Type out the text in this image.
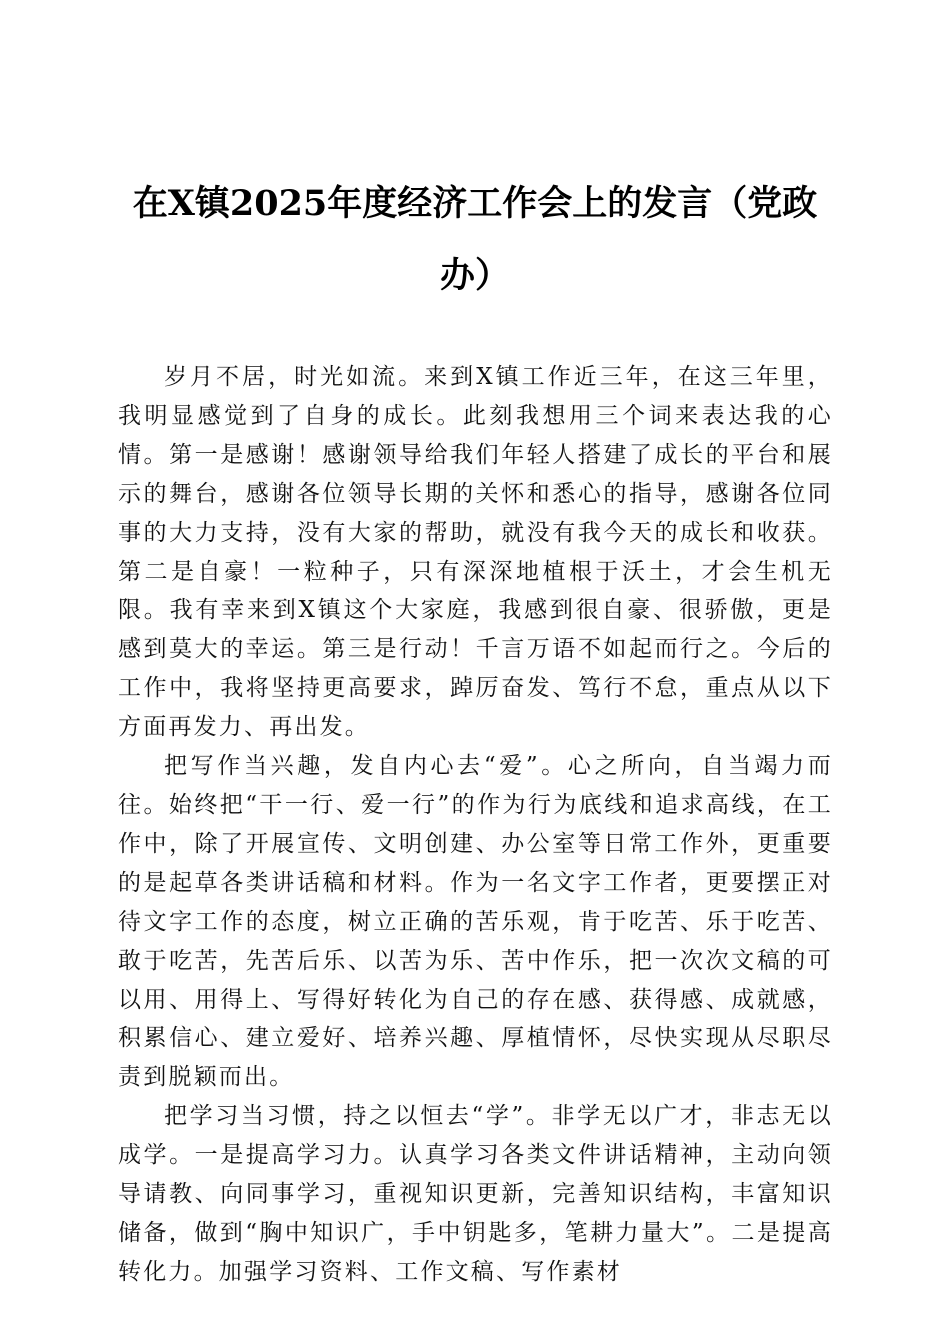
在X镇2025年度经济工作会上的发言（党政办）

岁月不居，时光如流。来到X镇工作近三年，在这三年里，我明显感觉到了自身的成长。此刻我想用三个词来表达我的心情。第一是感谢！感谢领导给我们年轻人搭建了成长的平台和展示的舞台，感谢各位领导长期的关怀和悉心的指导，感谢各位同事的大力支持，没有大家的帮助，就没有我今天的成长和收获。第二是自豪！一粒种子，只有深深地植根于沃土，才会生机无限。我有幸来到X镇这个大家庭，我感到很自豪、很骄傲，更是感到莫大的幸运。第三是行动！千言万语不如起而行之。今后的工作中，我将坚持更高要求，踔厉奋发、笃行不怠，重点从以下方面再发力、再出发。

把写作当兴趣，发自内心去“爱”。心之所向，自当竭力而往。始终把“干一行、爱一行”的作为行为底线和追求高线，在工作中，除了开展宣传、文明创建、办公室等日常工作外，更重要的是起草各类讲话稿和材料。作为一名文字工作者，更要摆正对待文字工作的态度，树立正确的苦乐观，肯于吃苦、乐于吃苦、敢于吃苦，先苦后乐、以苦为乐、苦中作乐，把一次次文稿的可以用、用得上、写得好转化为自己的存在感、获得感、成就感，积累信心、建立爱好、培养兴趣、厚植情怀，尽快实现从尽职尽责到脱颖而出。

把学习当习惯，持之以恒去“学”。非学无以广才，非志无以成学。一是提高学习力。认真学习各类文件讲话精神，主动向领导请教、向同事学习，重视知识更新，完善知识结构，丰富知识储备，做到“胸中知识广，手中钥匙多，笔耕力量大”。二是提高转化力。加强学习资料、工作文稿、写作素材
